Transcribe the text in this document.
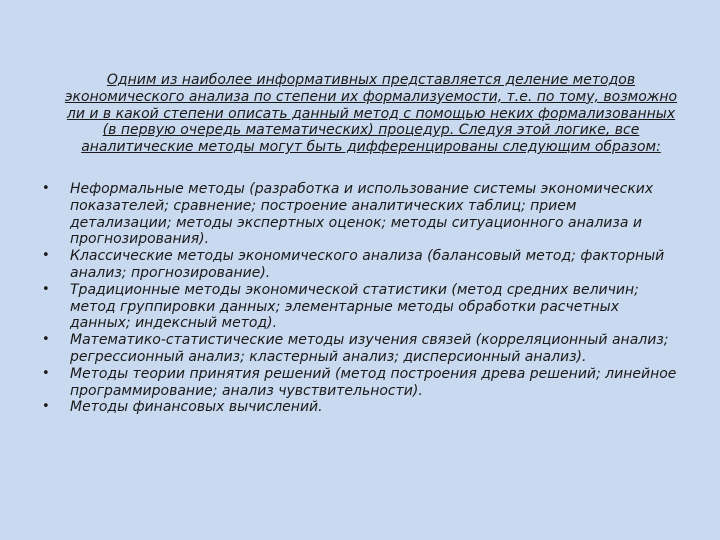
Одним из наиболее информативных представляется деление методов экономического анализа по степени их формализуемости, т.е. по тому, возможно ли и в какой степени описать данный метод с помощью неких формализованных (в первую очередь математических) процедур. Следуя этой логике, все аналитические методы могут быть дифференцированы следующим образом:

• Неформальные методы (разработка и использование системы экономических показателей; сравнение; построение аналитических таблиц; прием детализации; методы экспертных оценок; методы ситуационного анализа и прогнозирования).
• Классические методы экономического анализа (балансовый метод; факторный анализ; прогнозирование).
• Традиционные методы экономической статистики (метод средних величин; метод группировки данных; элементарные методы обработки расчетных данных; индексный метод).
• Математико-статистические методы изучения связей (корреляционный анализ; регрессионный анализ; кластерный анализ; дисперсионный анализ).
• Методы теории принятия решений (метод построения древа решений; линейное программирование; анализ чувствительности).
• Методы финансовых вычислений.
